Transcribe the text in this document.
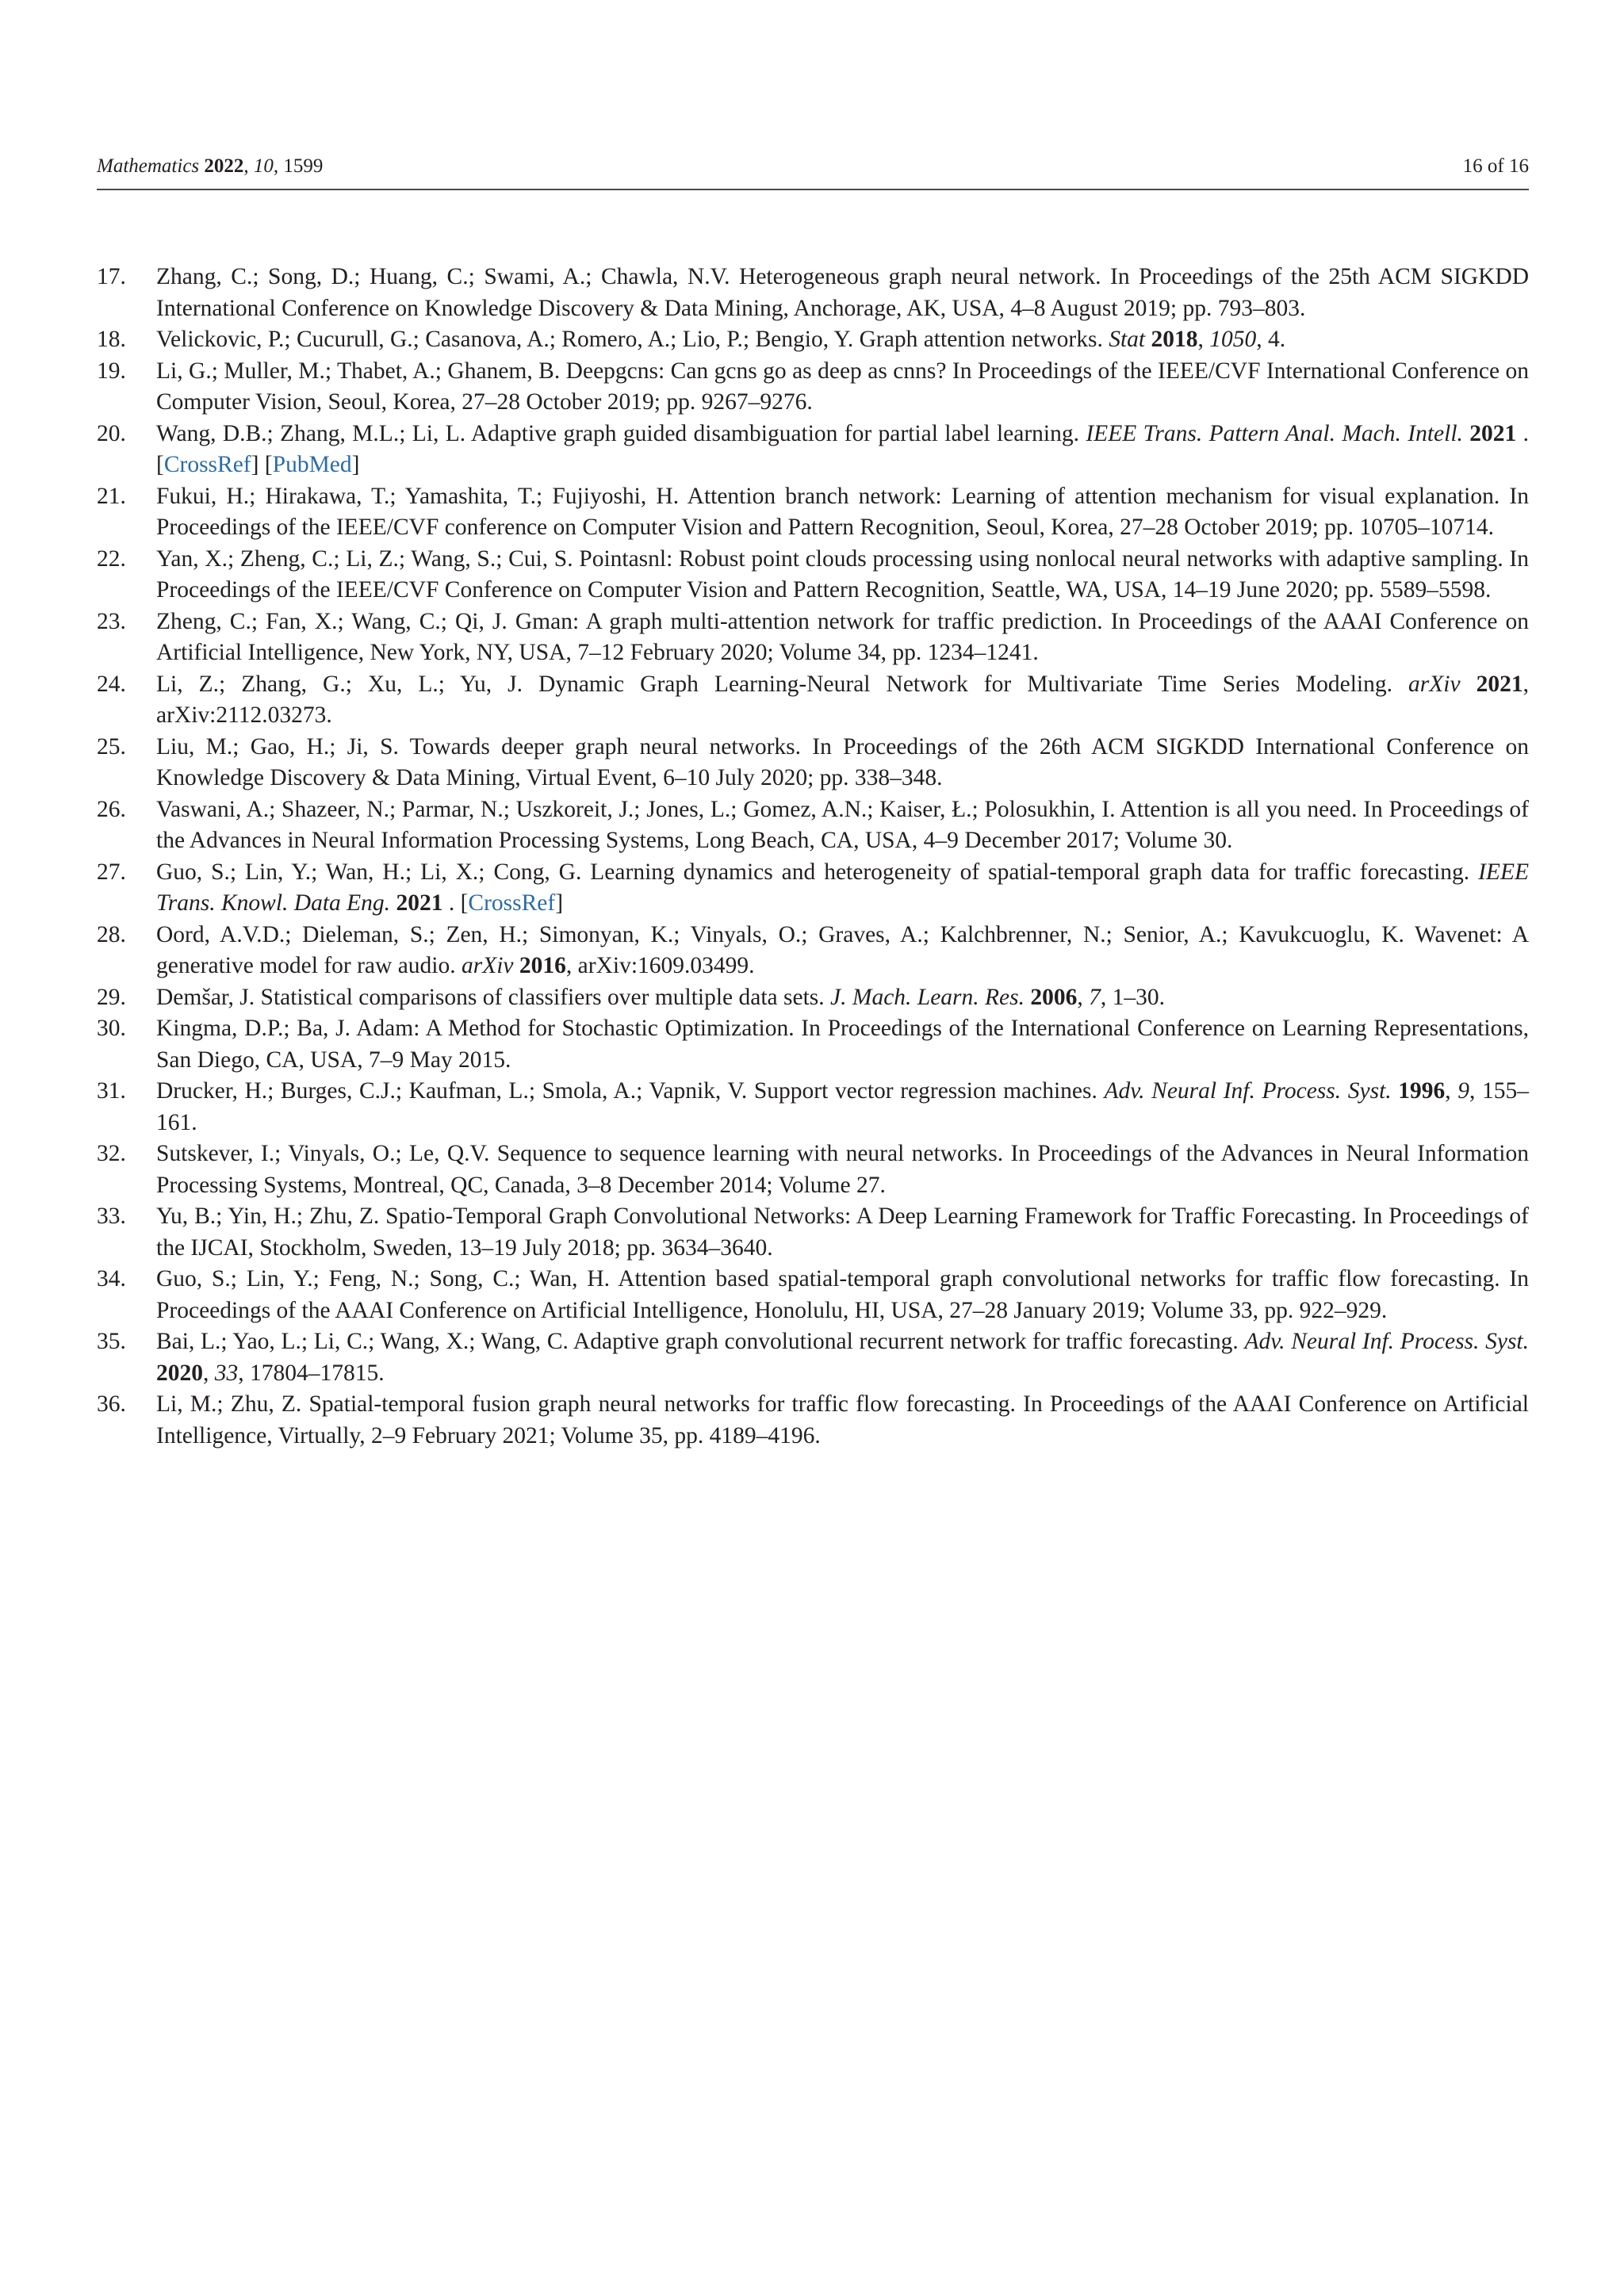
Mathematics 2022, 10, 1599	16 of 16
17.	Zhang, C.; Song, D.; Huang, C.; Swami, A.; Chawla, N.V. Heterogeneous graph neural network. In Proceedings of the 25th ACM SIGKDD International Conference on Knowledge Discovery & Data Mining, Anchorage, AK, USA, 4–8 August 2019; pp. 793–803.
18.	Velickovic, P.; Cucurull, G.; Casanova, A.; Romero, A.; Lio, P.; Bengio, Y. Graph attention networks. Stat 2018, 1050, 4.
19.	Li, G.; Muller, M.; Thabet, A.; Ghanem, B. Deepgcns: Can gcns go as deep as cnns? In Proceedings of the IEEE/CVF International Conference on Computer Vision, Seoul, Korea, 27–28 October 2019; pp. 9267–9276.
20.	Wang, D.B.; Zhang, M.L.; Li, L. Adaptive graph guided disambiguation for partial label learning. IEEE Trans. Pattern Anal. Mach. Intell. 2021 . [CrossRef] [PubMed]
21.	Fukui, H.; Hirakawa, T.; Yamashita, T.; Fujiyoshi, H. Attention branch network: Learning of attention mechanism for visual explanation. In Proceedings of the IEEE/CVF conference on Computer Vision and Pattern Recognition, Seoul, Korea, 27–28 October 2019; pp. 10705–10714.
22.	Yan, X.; Zheng, C.; Li, Z.; Wang, S.; Cui, S. Pointasnl: Robust point clouds processing using nonlocal neural networks with adaptive sampling. In Proceedings of the IEEE/CVF Conference on Computer Vision and Pattern Recognition, Seattle, WA, USA, 14–19 June 2020; pp. 5589–5598.
23.	Zheng, C.; Fan, X.; Wang, C.; Qi, J. Gman: A graph multi-attention network for traffic prediction. In Proceedings of the AAAI Conference on Artificial Intelligence, New York, NY, USA, 7–12 February 2020; Volume 34, pp. 1234–1241.
24.	Li, Z.; Zhang, G.; Xu, L.; Yu, J. Dynamic Graph Learning-Neural Network for Multivariate Time Series Modeling. arXiv 2021, arXiv:2112.03273.
25.	Liu, M.; Gao, H.; Ji, S. Towards deeper graph neural networks. In Proceedings of the 26th ACM SIGKDD International Conference on Knowledge Discovery & Data Mining, Virtual Event, 6–10 July 2020; pp. 338–348.
26.	Vaswani, A.; Shazeer, N.; Parmar, N.; Uszkoreit, J.; Jones, L.; Gomez, A.N.; Kaiser, Ł.; Polosukhin, I. Attention is all you need. In Proceedings of the Advances in Neural Information Processing Systems, Long Beach, CA, USA, 4–9 December 2017; Volume 30.
27.	Guo, S.; Lin, Y.; Wan, H.; Li, X.; Cong, G. Learning dynamics and heterogeneity of spatial-temporal graph data for traffic forecasting. IEEE Trans. Knowl. Data Eng. 2021 . [CrossRef]
28.	Oord, A.V.D.; Dieleman, S.; Zen, H.; Simonyan, K.; Vinyals, O.; Graves, A.; Kalchbrenner, N.; Senior, A.; Kavukcuoglu, K. Wavenet: A generative model for raw audio. arXiv 2016, arXiv:1609.03499.
29.	Demšar, J. Statistical comparisons of classifiers over multiple data sets. J. Mach. Learn. Res. 2006, 7, 1–30.
30.	Kingma, D.P.; Ba, J. Adam: A Method for Stochastic Optimization. In Proceedings of the International Conference on Learning Representations, San Diego, CA, USA, 7–9 May 2015.
31.	Drucker, H.; Burges, C.J.; Kaufman, L.; Smola, A.; Vapnik, V. Support vector regression machines. Adv. Neural Inf. Process. Syst. 1996, 9, 155–161.
32.	Sutskever, I.; Vinyals, O.; Le, Q.V. Sequence to sequence learning with neural networks. In Proceedings of the Advances in Neural Information Processing Systems, Montreal, QC, Canada, 3–8 December 2014; Volume 27.
33.	Yu, B.; Yin, H.; Zhu, Z. Spatio-Temporal Graph Convolutional Networks: A Deep Learning Framework for Traffic Forecasting. In Proceedings of the IJCAI, Stockholm, Sweden, 13–19 July 2018; pp. 3634–3640.
34.	Guo, S.; Lin, Y.; Feng, N.; Song, C.; Wan, H. Attention based spatial-temporal graph convolutional networks for traffic flow forecasting. In Proceedings of the AAAI Conference on Artificial Intelligence, Honolulu, HI, USA, 27–28 January 2019; Volume 33, pp. 922–929.
35.	Bai, L.; Yao, L.; Li, C.; Wang, X.; Wang, C. Adaptive graph convolutional recurrent network for traffic forecasting. Adv. Neural Inf. Process. Syst. 2020, 33, 17804–17815.
36.	Li, M.; Zhu, Z. Spatial-temporal fusion graph neural networks for traffic flow forecasting. In Proceedings of the AAAI Conference on Artificial Intelligence, Virtually, 2–9 February 2021; Volume 35, pp. 4189–4196.
